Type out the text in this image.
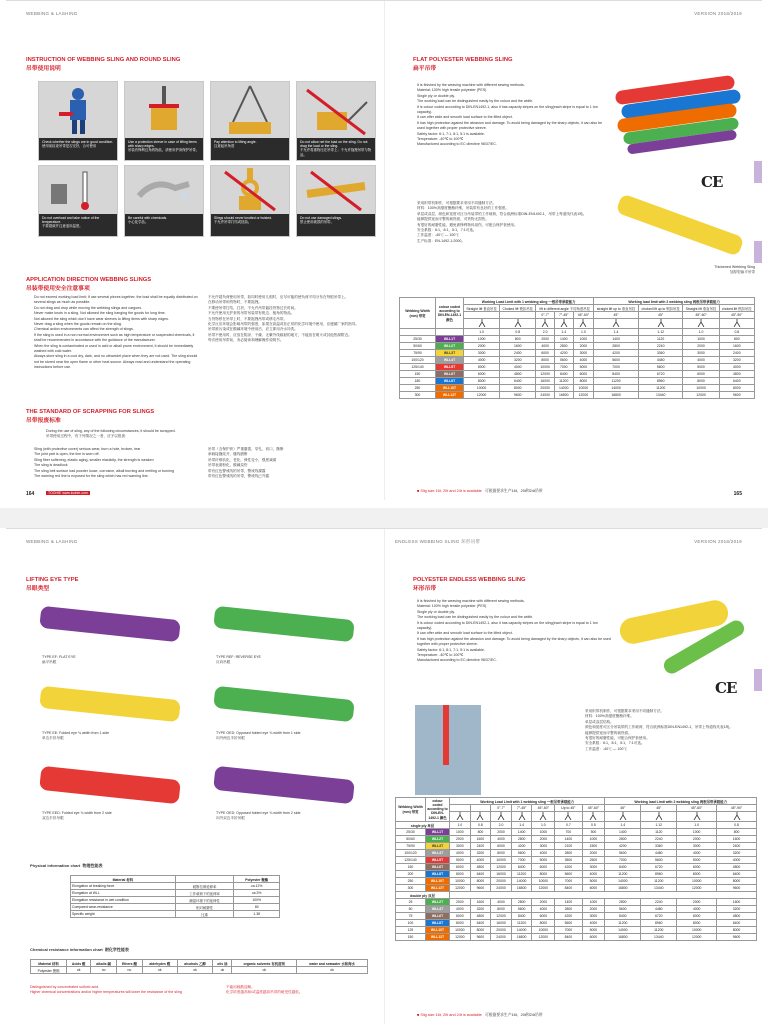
WEBBING & LASHING
INSTRUCTION OF WEBBING SLING AND ROUND SLING
吊带使用说明
Check whether the slings are in good condition.
使用前检查吊带是否完好，合可使用
Use a protection sleeve in case of lifting items with sharp edges.
吊装有锋利边角的物品，请使用护套保护吊带。
Pay attention to lifting angle.
注意起吊角度
Do not allow net the load on the sling. Do not drag the load or the sling.
不允许将重物压在吊带上；不允许拖拽吊带与物品。
Do not overload and take notice of the temperature.
不要超载并注意适用温度。
Be careful with chemicals.
小心化学品。
Slings should never knotted or twisted.
不允许吊带打结或扭曲。
Do not use damaged slings.
禁止使用破损的吊带。
APPLICATION DIRECTION WEBBING SLINGS
吊装带使用安全注意事项

Do not exceed working load limit; If use several pieces together, the load shall be equally distributed on several slings as much as possible.

Do not drag and drop while moving the webbing slings and cargoes.

Never make knots in a sling. Not allowed the sling hanging the goods for long time.

Not allowed the sling which don't have wear sleeves to lifting items with sharp edges.

Never drag a sling when the goods remain on the sling.

Chemical action environments can affect the strength of slings.

If the sling is used in a non normal environment such as high temperature or suspended chemicals, it shall be recommended in accordance with the guidance of the manufacturer.

When the sling is contaminated or used in acid or alkali prone environment, it should be immediately washed with cold water.

Always store sling in a cool dry, dark, and no ultraviolet place when they are not used. The sling should not be stored near the open flame or other heat source. Always read and understand the operating instructions before use.

不允许超负荷使用吊带，如同时使用几根时，应尽可能的使负荷平均分布在每根吊带上。

在移动吊带和货物时，不要拖拽。

不要使吊带打结，打折，不允许吊带悬挂货物过长时间。

不允许使用无护套的吊带吊装带有锐边、棱角的物品。

当货物停在吊带上时，不要拖拽吊带或移走吊带。

化学反应环境会影响吊带的强度，如果在高温或非正常的化学环境中使用，应遵循厂家的指导。

吊带被污染或在酸碱环境中使用后，应立即用冷水冲洗。

吊带不使用时，应放在阴凉、干燥、无紫外线辐射的地方，不能放在明火或其他热源附近。

每次使用吊带前，务必阅读和理解操作说明书。

THE STANDARD OF SCRAPPING FOR SLINGS
吊带报废标准

During the use of sling, any of the following circumstances, it should be scrapped.

吊带使用过程中，有下列情况之一者，应予以报废：

Sling (with protective cover) serious wear, burn a hole, broken, tear

The joint part is open, the line is worn off.

Sling fiber softening, elastic aging, smaller elasticity, the strength is weaken

The sling is deadlock

The sling belt surface had powder loose, corrosive, alkali burning and melting or burning

The warning red line is exposed for the sling which has red warning line.

吊带（含保护套）严重磨损，穿孔，切口，撕断

承载接缝绽开，缝线磨断

吊带纤维软化，老化，弹性变小，强度减弱

吊带表面粉化，酸碱烧伤

带有红色警戒线的吊带，警戒线裸露

带有红色警戒线的吊带，警戒线已外露

164	TOOHIE www.toohie.com
VERSION 2018/2019
FLAT POLYESTER WEBBING SLING
扁平吊带

It is finished by the weaving machine with different sewing methods.

Material: 100% high tensile polyester (PES)

Single ply or double ply.

The working load can be distinguished easily by the colour and the width.

It is colour coded according to DIN-EN1492-1, also it has capacity stripes on the sling(each stripe is equal to 1 ton capacity).

It can offer wide and smooth load surface to the lifted object.

It has high protection against the abrasion and damage. To avoid being damaged by the sharp objects, it can also be used together with proper protective sleeve.

Safety factor: 6:1, 7:1, 8:1, 5:1 is available.

Temperature: -40℃ to 100℃

Manufactured according to EC directive 98/37/EC.

采用织带机制作，可根据要求采用不同缝制方法。

材料：100%高强度聚酯纤维，吊装带有良好的工作强度。

单层或双层，颜色和宽度可区分吊装带的工作载荷，符合欧洲标准DIN-EN1492-1，吊带上每道线代表1吨。

能够提供宽而平整的载货面，对货物无损伤。

有很好的耐磨性能，避免被锋利物体刮伤，可配合保护套使用。

安全系数：6:1，8:1，5:1，7:1可选。

工作温度：-40℃ — 100℃

生产标准：EN-1492-1:2000。

CE

Thickened Webbing Sling

加厚型扁平吊带

Webbing Width (mm) 带宽	colour coded according to DIN-EN-1492-1 颜色	Working Load Limit with 1 webbing sling 一根吊带承载能力					Working load limit with 2 webbing sling 两根吊带承载能力			
		Straight lift 垂直吊挂	Choked lift 锁扣吊挂	lift in different angle 不同角度吊挂			straight lift up to 垂直吊挂	choked lift up to 锁扣吊挂	Straight lift 垂直吊挂	choked lift 锁扣吊挂
				0°-7°	7°-45°	45°-60°	45°	45°	45°-60°	45°-90°

		1.0	0.8	2.0	1.4	1.0	1.4	1.12	1.0	0.8
25/30	WLL1T	1000	800	2000	1400	1000	1400	1120	1000	800
50/60	WLL2T	2000	1600	4000	2800	2000	2800	2240	2000	1600
75/90	WLL3T	3000	2400	6000	4200	3000	4200	3360	3000	2400
100/120	WLL4T	4000	3200	8000	5600	4000	5600	4480	4000	3200
125/140	WLL5T	5000	4000	10000	7000	5000	7000	5600	5000	4000
150	WLL6T	6000	4800	12000	8400	6000	8400	6720	6000	4800
180	WLL8T	8000	6400	16000	11200	8000	11200	8960	8000	6400
250	WLL10T	10000	8000	20000	14000	10000	14000	11200	10000	8000
300	WLL12T	12000	9600	24000	16800	12000	16800	13440	12000	9600
■ Slig size 16t, 20t and 24t is available 可根据要求生产16t、20t和24t吊带	165
WEBBING & LASHING
LIFTING EYE TYPE
吊眼类型

TYPE EF: FLAT EYE

扁平吊眼

TYPE REF: REVERSE EYE

反向吊眼

TYPE EE: Folded eye ¾ width from 1 side

单边半折吊眼

TYPE OED: Opposed folded eye ¾ width from 1 side

向外两边半折吊眼

TYPE EED: Folded eye ¾ width from 2 side

双边半折吊眼

TYPE OED: Opposed folded eye ¾ width from 2 side

向外双边半折吊眼

Physical information chart 物理性能表
Material 材料		Polyester 聚酯
Elongation at breaking force	破断拉伸延伸率	ca.12%
Elongation at WLL	工作载荷下的延伸率	ca.3%
Elongation resistance in wet condition	潮湿环境下的延伸性	100%
Compared wear-resistance	相对耐磨性	80
Specific weight	比重	1.38
Chemical resistance information chart 耐化学性能表
Material 材料	Acids 酸	alkalis 碱	Ethers 醚	aldehydes 醛	alcohols 乙醇	oils 油	organic solvents 有机溶剂	water and seawater 水和海水
Polyester 聚酯	ok	no	no	ok	ok	ok	ok	ok

Distinguished by concentrated sulfuric acid.

Higher chemical concentrations and/or higher temperatures will lower the resistance of the sling

不能用硫酸溶解。

化学浓度越高和/或温度越高吊带的耐受性越低。

ENDLESS WEBBING SLING 环形吊带	VERSION 2018/2019
POLYESTER ENDLESS WEBBING SLING
环形吊带

It is finished by the weaving machine with different sewing methods.

Material: 100% high tensile polyester (PES)

Single ply or double ply.

The working load can be distinguished easily by the colour and the width.

It is colour coded according to DIN-EN1492-1, also it has capacity stripes on the sling(each stripe is equal to 1 ton capacity).

It can offer wide and smooth load surface to the lifted object.

It has high protection against the abrasion and damage. To avoid being damaged by the sharp objects, it can also be used together with proper protective sleeve.

Safety factor: 6:1, 8:1, 7:1, 5:1 is available.

Temperature: -40℃ to 100℃

Manufactured according to EC directive 98/37/EC.

CE

采用织带机制作，可根据要求采用不同缝制方法。

材料：100%高强度聚酯纤维。

单层或双层结构。

颜色和宽度可区分吊装带的工作载荷，符合欧洲标准DIN-EN1492-1，吊带上每道线代表1吨。

能够提供宽而平整的载货面。

有很好的耐磨性能，可配合保护套使用。

安全系数：6:1，8:1，5:1，7:1可选。

工作温度：-40℃ — 100℃

Webbing Width (mm) 带宽	colour coded according to DIN-EN-1492-1 颜色	Working Load Limit with 1 webbing sling 一根吊带承载能力							Working load Limit with 2 webbing sling 两根吊带承载能力			
				0°-7°	7°-45°	45°-60°	Up to 45°	45°-60°	45°	45°	45°-60°	45°-90°

single ply 单层		1.0	0.8	2.0	1.4	1.0	0.7	0.5	1.4	1.12	1.0	0.8
25/30	WLL1T	1000	800	2000	1400	1000	700	500	1400	1120	1000	800
50/60	WLL2T	2000	1600	4000	2800	2000	1400	1000	2800	2240	2000	1600
75/90	WLL3T	3000	2400	6000	4200	3000	2100	1500	4200	3360	3000	2400
100/120	WLL4T	4000	3200	8000	5600	4000	2800	2000	5600	4480	4000	3200
125/140	WLL5T	5000	4000	10000	7000	5000	3500	2500	7000	5600	5000	4000
150	WLL6T	6000	4800	12000	8400	6000	4200	3000	8400	6720	6000	4800
200	WLL8T	8000	6400	16000	11200	8000	5600	4000	11200	8960	8000	6400
250	WLL10T	10000	8000	20000	14000	10000	7000	5000	14000	11200	10000	8000
300	WLL12T	12000	9600	24000	16800	12000	8400	6000	16800	13440	12000	9600
double ply 双层												
25	WLL2T	2000	1600	4000	2800	2000	1400	1000	2800	2240	2000	1600
50	WLL4T	4000	3200	8000	5600	4000	2800	2000	5600	4480	4000	3200
75	WLL6T	6000	4800	12000	8400	6000	4200	3000	8400	6720	6000	4800
100	WLL8T	8000	6400	16000	11200	8000	5600	4000	11200	8960	8000	6400
125	WLL10T	10000	8000	20000	14000	10000	7000	5000	14000	11200	10000	8000
150	WLL12T	12000	9600	24000	16800	12000	8400	6000	16800	13440	12000	9600
■ Slig size 16t, 20t and 24t is available 可根据要求生产16t、20t和24t吊带
